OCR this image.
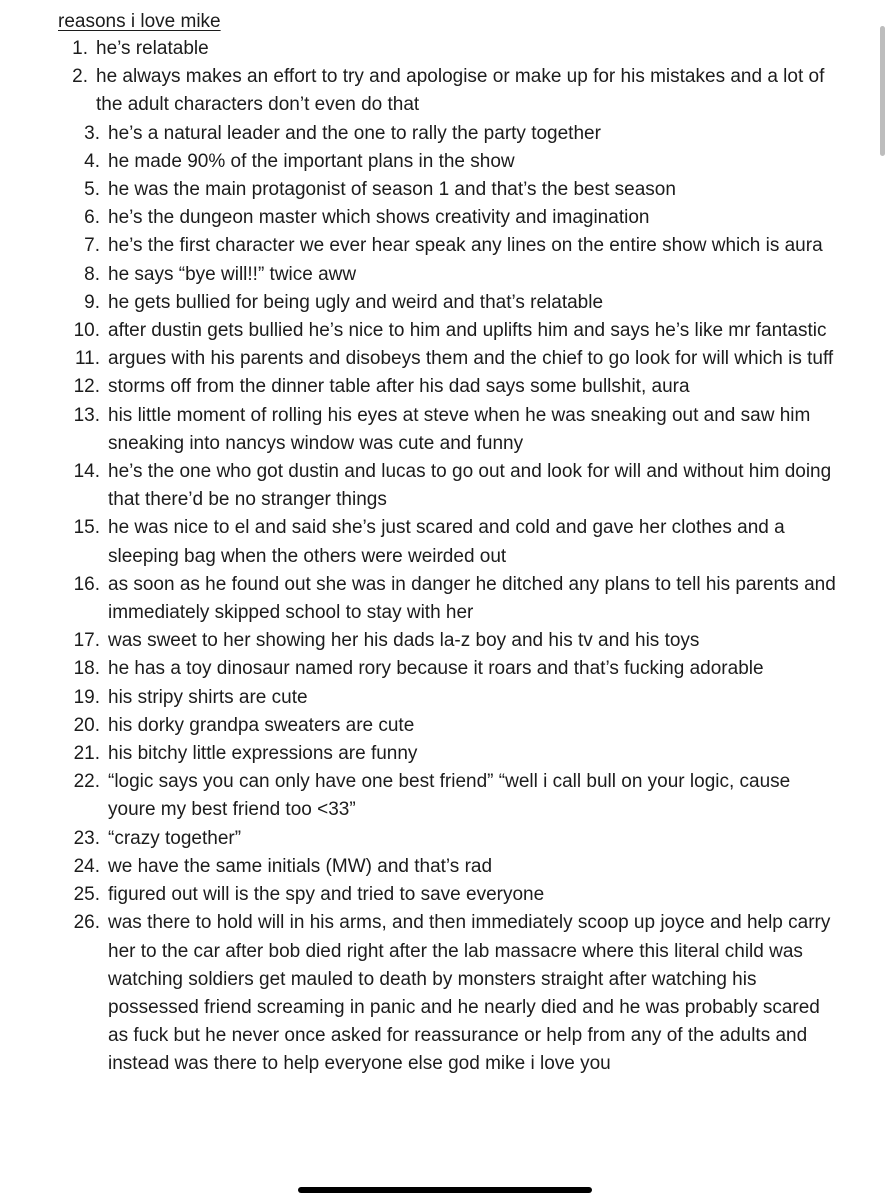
reasons i love mike
1. he’s relatable
2. he always makes an effort to try and apologise or make up for his mistakes and a lot of the adult characters don’t even do that
3. he’s a natural leader and the one to rally the party together
4. he made 90% of the important plans in the show
5. he was the main protagonist of season 1 and that’s the best season
6. he’s the dungeon master which shows creativity and imagination
7. he’s the first character we ever hear speak any lines on the entire show which is aura
8. he says “bye will!!” twice aww
9. he gets bullied for being ugly and weird and that’s relatable
10. after dustin gets bullied he’s nice to him and uplifts him and says he’s like mr fantastic
11. argues with his parents and disobeys them and the chief to go look for will which is tuff
12. storms off from the dinner table after his dad says some bullshit, aura
13. his little moment of rolling his eyes at steve when he was sneaking out and saw him sneaking into nancys window was cute and funny
14. he’s the one who got dustin and lucas to go out and look for will and without him doing that there’d be no stranger things
15. he was nice to el and said she’s just scared and cold and gave her clothes and a sleeping bag when the others were weirded out
16. as soon as he found out she was in danger he ditched any plans to tell his parents and immediately skipped school to stay with her
17. was sweet to her showing her his dads la-z boy and his tv and his toys
18. he has a toy dinosaur named rory because it roars and that’s fucking adorable
19. his stripy shirts are cute
20. his dorky grandpa sweaters are cute
21. his bitchy little expressions are funny
22. “logic says you can only have one best friend” “well i call bull on your logic, cause youre my best friend too <33”
23. “crazy together”
24. we have the same initials (MW) and that’s rad
25. figured out will is the spy and tried to save everyone
26. was there to hold will in his arms, and then immediately scoop up joyce and help carry her to the car after bob died right after the lab massacre where this literal child was watching soldiers get mauled to death by monsters straight after watching his possessed friend screaming in panic and he nearly died and he was probably scared as fuck but he never once asked for reassurance or help from any of the adults and instead was there to help everyone else god mike i love you
